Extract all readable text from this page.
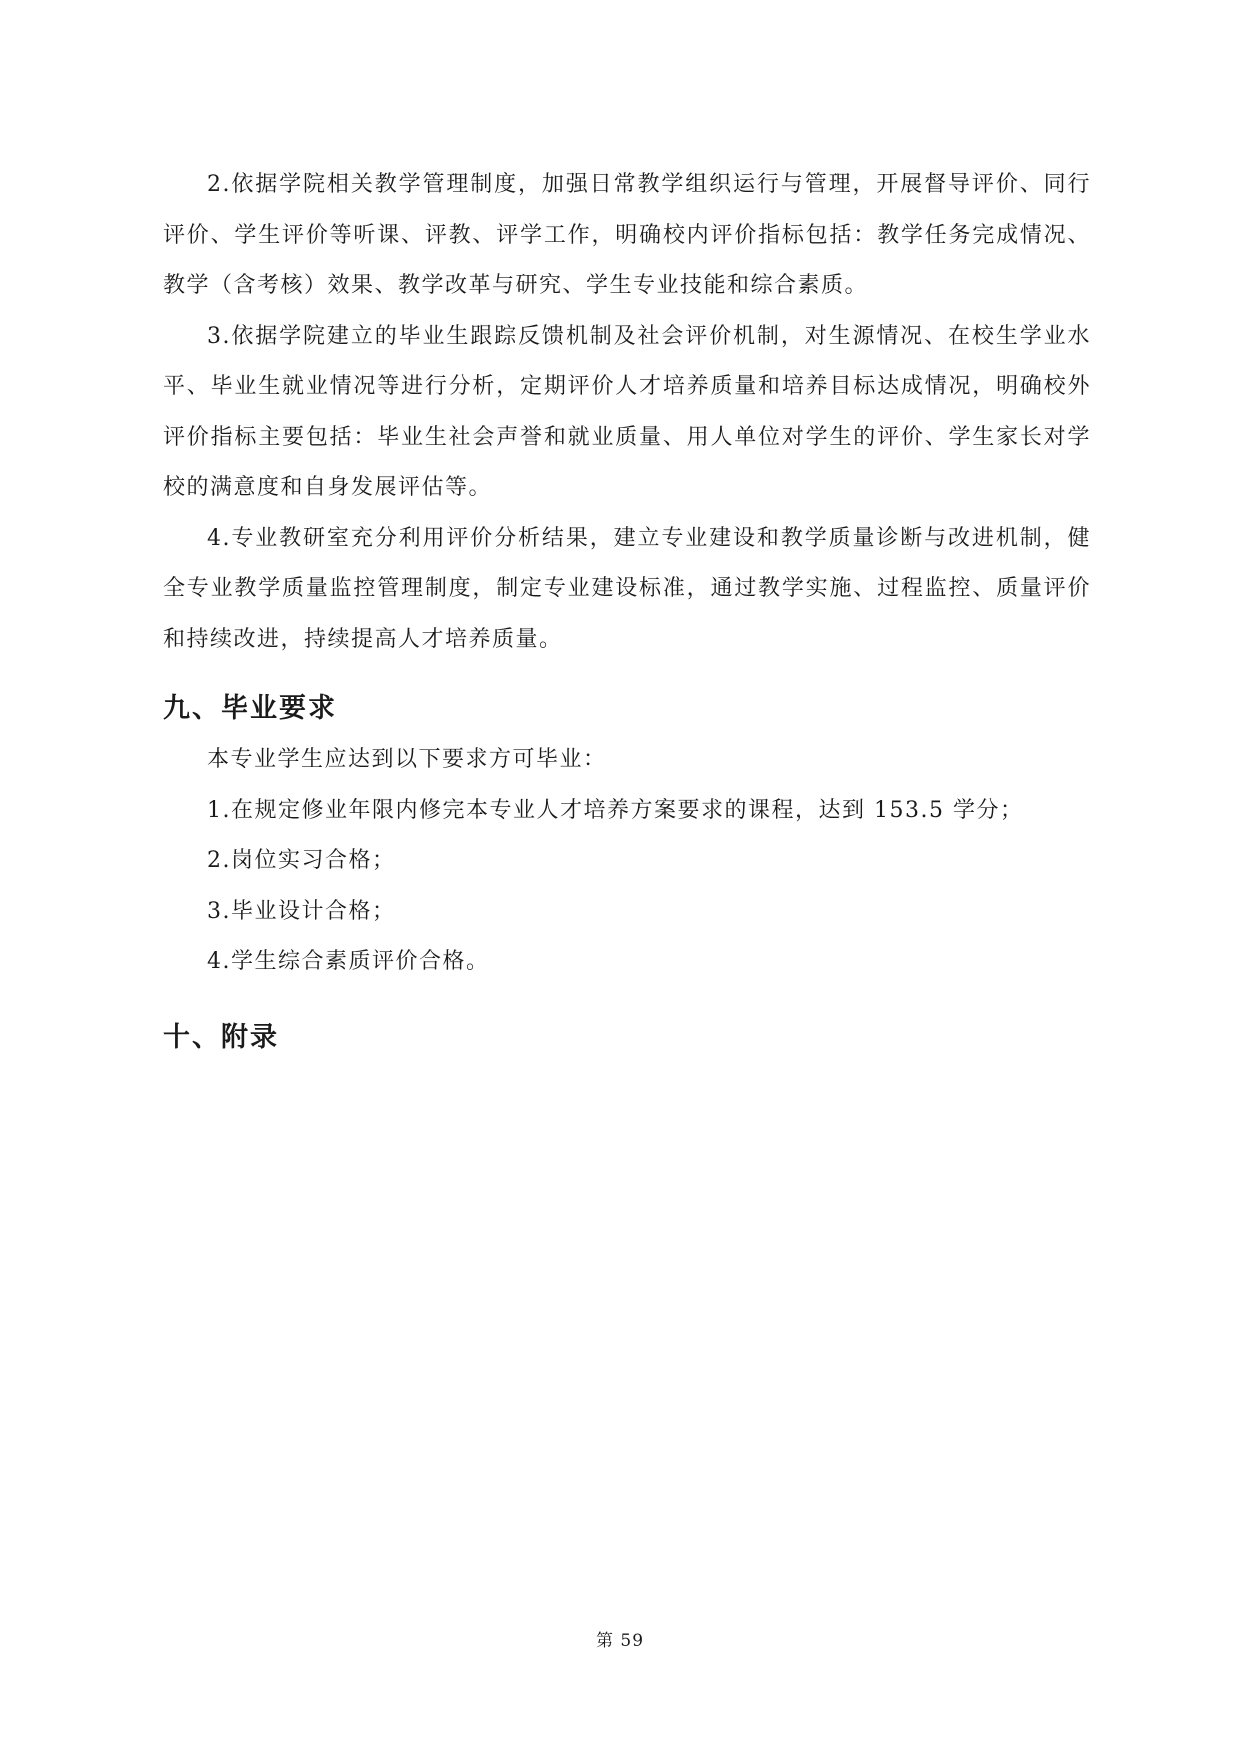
2.依据学院相关教学管理制度，加强日常教学组织运行与管理，开展督导评价、同行评价、学生评价等听课、评教、评学工作，明确校内评价指标包括：教学任务完成情况、教学（含考核）效果、教学改革与研究、学生专业技能和综合素质。

3.依据学院建立的毕业生跟踪反馈机制及社会评价机制，对生源情况、在校生学业水平、毕业生就业情况等进行分析，定期评价人才培养质量和培养目标达成情况，明确校外评价指标主要包括：毕业生社会声誉和就业质量、用人单位对学生的评价、学生家长对学校的满意度和自身发展评估等。

4.专业教研室充分利用评价分析结果，建立专业建设和教学质量诊断与改进机制，健全专业教学质量监控管理制度，制定专业建设标准，通过教学实施、过程监控、质量评价和持续改进，持续提高人才培养质量。

九、毕业要求

本专业学生应达到以下要求方可毕业：

1.在规定修业年限内修完本专业人才培养方案要求的课程，达到 153.5 学分；

2.岗位实习合格；

3.毕业设计合格；

4.学生综合素质评价合格。

十、附录
第 59
